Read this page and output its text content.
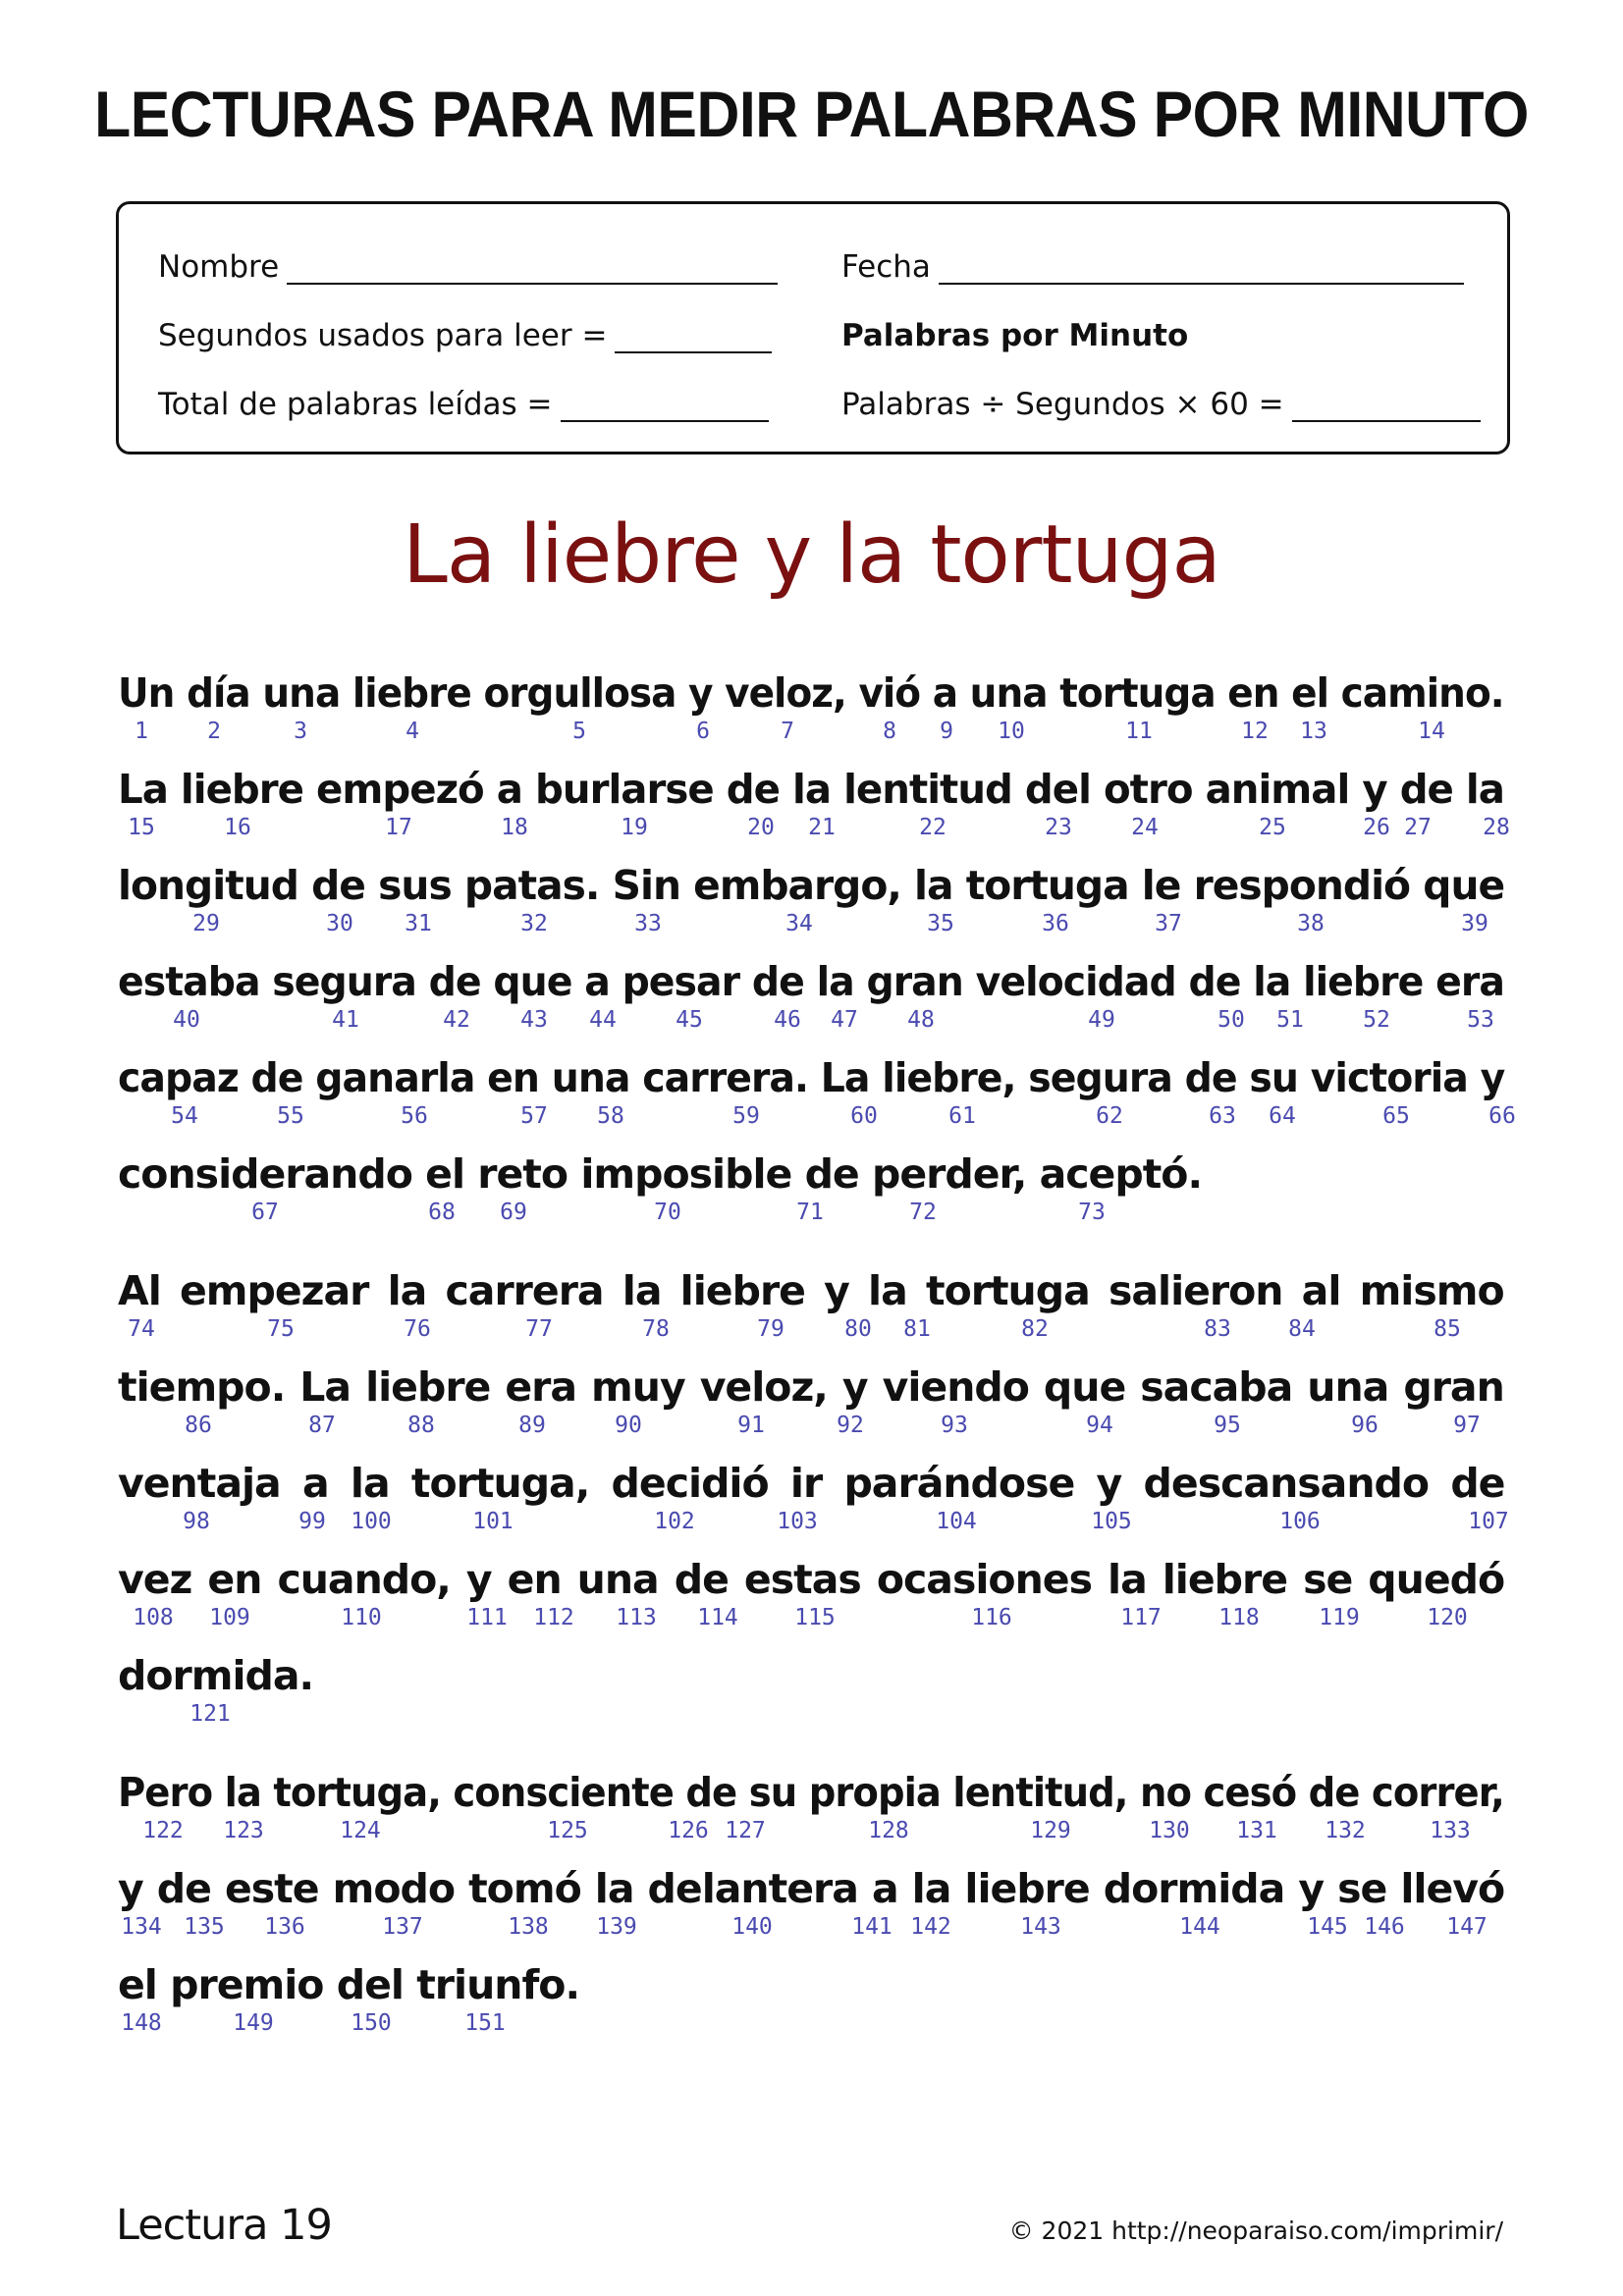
LECTURAS PARA MEDIR PALABRAS POR MINUTO
Nombre	Fecha
Segundos usados para leer =	Palabras por Minuto
Total de palabras leídas =	Palabras ÷ Segundos × 60 =
La liebre y la tortuga
Un día una liebre orgullosa y veloz, vió a una tortuga en el camino.
1	2	3	4	5	6	7	8 9 10	11	12 13	14
La liebre empezó a burlarse de la lentitud del otro animal y de la
15	16	17	18	19	20 21	22	23	24	25	26 27 28
longitud de sus patas. Sin embargo, la tortuga le respondió que
29	30 31	32	33	34	35	36	37	38	39
estaba segura de que a pesar de la gran velocidad de la liebre era
40	41	42 43 44	45	46 47 48	49	50 51	52	53
capaz de ganarla en una carrera. La liebre, segura de su victoria y
54	55	56	57 58	59	60	61	62	63 64	65	66
considerando el reto imposible de perder, aceptó.
67	68 69	70	71	72	73
Al empezar la carrera la liebre y la tortuga salieron al mismo
74	75	76	77	78	79	80 81	82	83	84	85
tiempo. La liebre era muy veloz, y viendo que sacaba una gran
86	87	88	89	90	91	92	93	94	95	96	97
ventaja a la tortuga, decidió ir parándose y descansando de
98	99 100	101	102	103	104	105	106	107
vez en cuando, y en una de estas ocasiones la liebre se quedó
108 109	110	111 112 113 114 115	116	117	118	119	120
dormida.
121
Pero la tortuga, consciente de su propia lentitud, no cesó de correr,
122 123	124	125	126 127	128	129	130 131 132	133
y de este modo tomó la delantera a la liebre dormida y se llevó
134 135 136	137	138 139	140	141 142	143	144	145 146 147
el premio del triunfo.
148	149	150	151
Lectura 19	© 2021 http://neoparaiso.com/imprimir/
